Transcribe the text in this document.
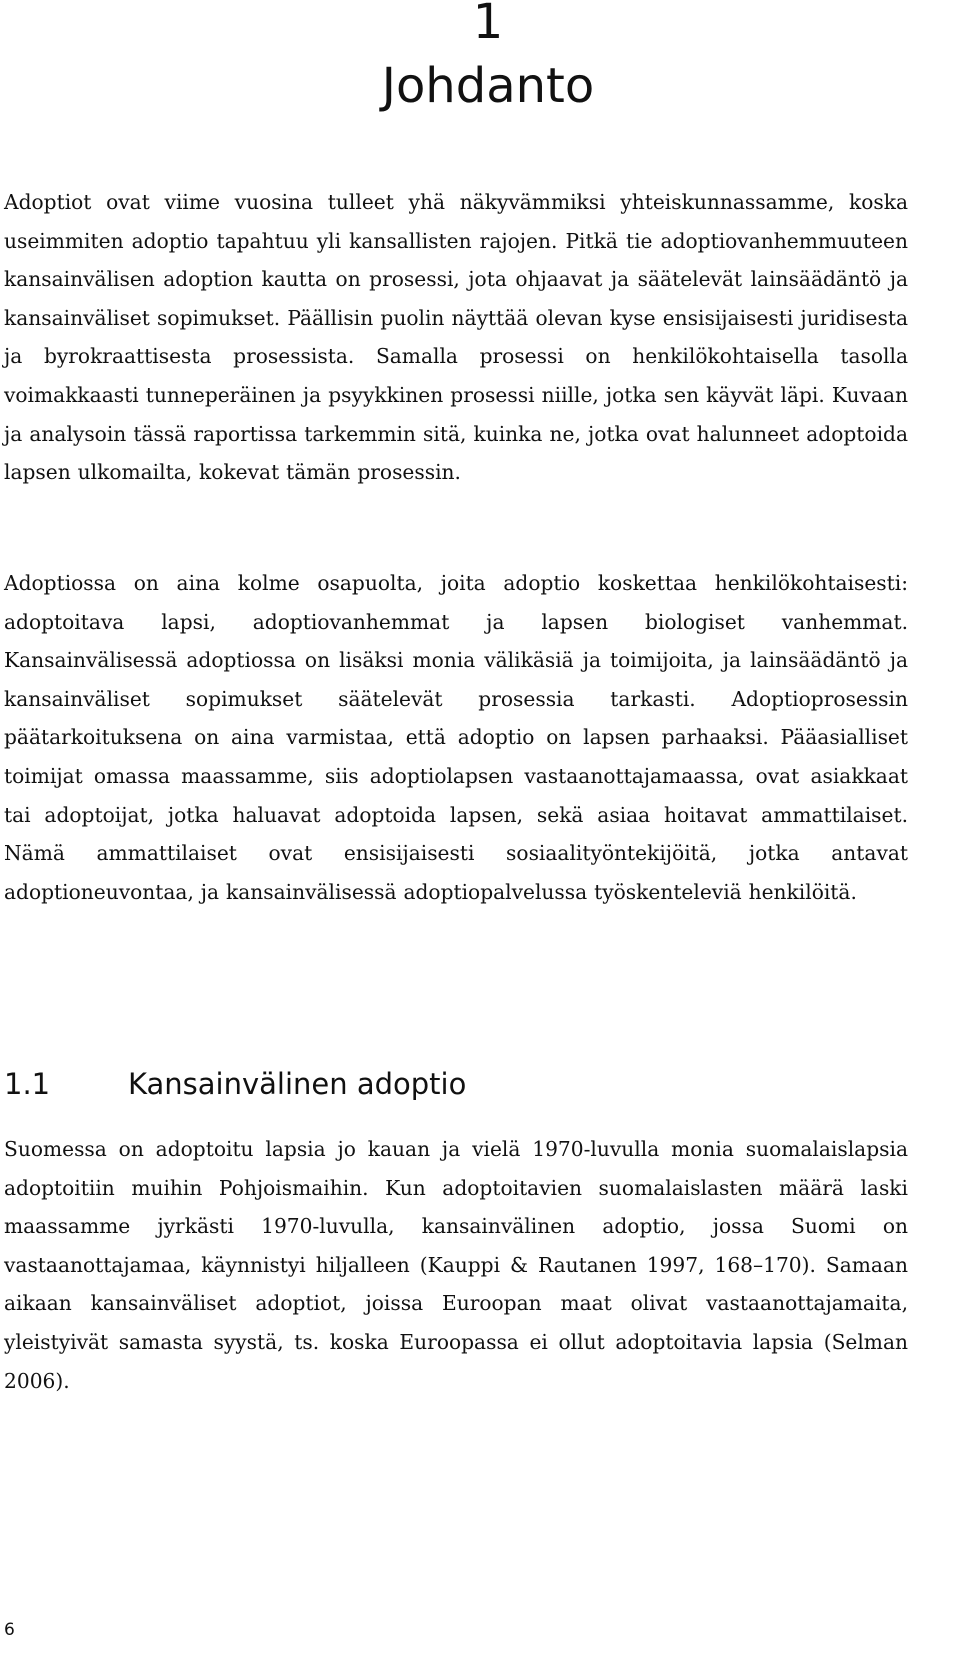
1
Johdanto

Adoptiot ovat viime vuosina tulleet yhä näkyvämmiksi yhteiskunnassamme, koska useimmiten adoptio tapahtuu yli kansallisten rajojen. Pitkä tie adoptiovanhemmuuteen kansainvälisen adoption kautta on prosessi, jota ohjaavat ja säätelevät lainsäädäntö ja kansainväliset sopimukset. Päällisin puolin näyttää olevan kyse ensisijaisesti juridisesta ja byrokraattisesta prosessista. Samalla prosessi on henkilökohtaisella tasolla voimakkaasti tunneperäinen ja psyykkinen prosessi niille, jotka sen käyvät läpi. Kuvaan ja analysoin tässä raportissa tarkemmin sitä, kuinka ne, jotka ovat halunneet adoptoida lapsen ulkomailta, kokevat tämän prosessin.

Adoptiossa on aina kolme osapuolta, joita adoptio koskettaa henkilökohtaisesti: adoptoitava lapsi, adoptiovanhemmat ja lapsen biologiset vanhemmat. Kansainvälisessä adoptiossa on lisäksi monia välikäsiä ja toimijoita, ja lainsäädäntö ja kansainväliset sopimukset säätelevät prosessia tarkasti. Adoptioprosessin päätarkoituksena on aina varmistaa, että adoptio on lapsen parhaaksi. Pääasialliset toimijat omassa maassamme, siis adoptiolapsen vastaanottajamaassa, ovat asiakkaat tai adoptoijat, jotka haluavat adoptoida lapsen, sekä asiaa hoitavat ammattilaiset. Nämä ammattilaiset ovat ensisijaisesti sosiaalityöntekijöitä, jotka antavat adoptioneuvontaa, ja kansainvälisessä adoptiopalvelussa työskenteleviä henkilöitä.

1.1	Kansainvälinen adoptio

Suomessa on adoptoitu lapsia jo kauan ja vielä 1970-luvulla monia suomalaislapsia adoptoitiin muihin Pohjoismaihin. Kun adoptoitavien suomalaislasten määrä laski maassamme jyrkästi 1970-luvulla, kansainvälinen adoptio, jossa Suomi on vastaanottajamaa, käynnistyi hiljalleen (Kauppi & Rautanen 1997, 168–170). Samaan aikaan kansainväliset adoptiot, joissa Euroopan maat olivat vastaanottajamaita, yleistyivät samasta syystä, ts. koska Euroopassa ei ollut adoptoitavia lapsia (Selman 2006).

6
